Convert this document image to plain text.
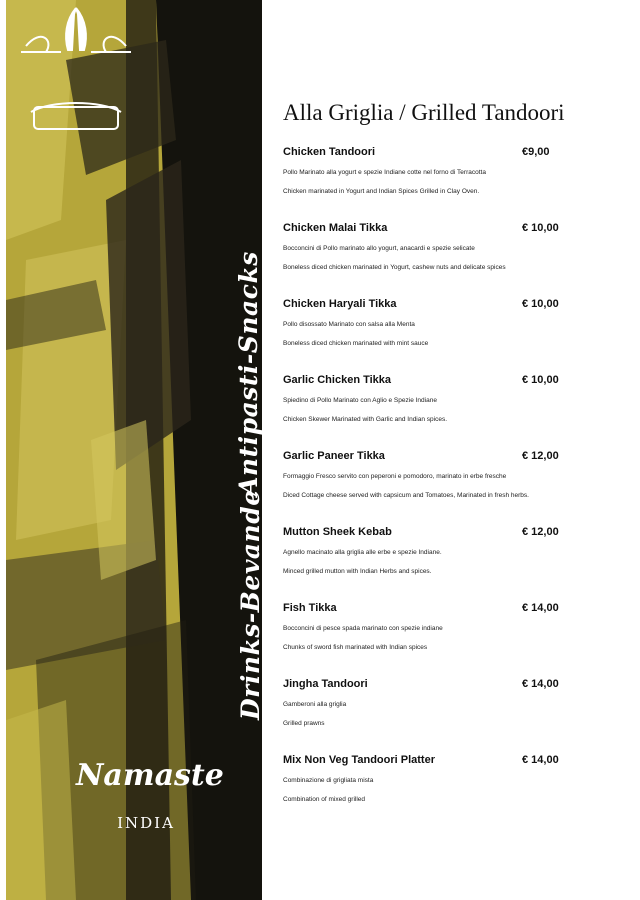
Antipasti-Snacks
Drinks-Bevande
Namaste
INDIA
Alla Griglia / Grilled Tandoori
Chicken Tandoori	€9,00
Pollo Marinato alla yogurt e spezie Indiane cotte nel forno di Terracotta
Chicken marinated in Yogurt and Indian Spices Grilled in Clay Oven.
Chicken Malai Tikka	€ 10,00
Bocconcini di Pollo marinato allo yogurt, anacardi e spezie selicate
Boneless diced chicken marinated in Yogurt, cashew nuts and delicate spices
Chicken Haryali Tikka	€ 10,00
Pollo disossato Marinato con salsa alla Menta
Boneless diced chicken marinated with mint sauce
Garlic Chicken Tikka	€ 10,00
Spiedino di Pollo Marinato con Aglio e Spezie Indiane
Chicken Skewer Marinated with Garlic and Indian spices.
Garlic Paneer Tikka	€ 12,00
Formaggio Fresco servito con peperoni e pomodoro, marinato in erbe fresche
Diced Cottage cheese served with capsicum and Tomatoes, Marinated in fresh herbs.
Mutton Sheek Kebab	€ 12,00
Agnello macinato alla griglia alle erbe e spezie Indiane.
Minced grilled mutton with Indian Herbs and spices.
Fish Tikka	€ 14,00
Bocconcini di pesce spada marinato con spezie indiane
Chunks of sword fish marinated with Indian spices
Jingha Tandoori	€ 14,00
Gamberoni alla griglia
Grilled prawns
Mix Non Veg Tandoori Platter	€ 14,00
Combinazione di grigliata mista
Combination of mixed grilled
